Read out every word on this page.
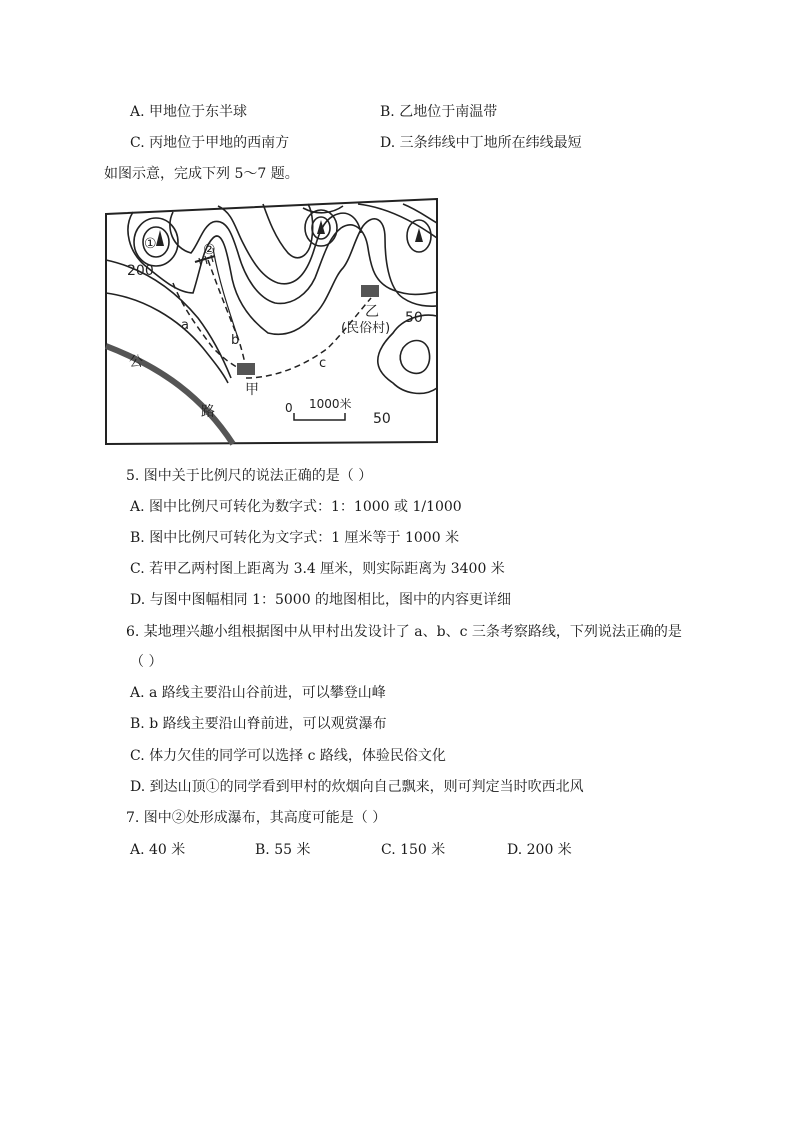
A. 甲地位于东半球	B. 乙地位于南温带
C. 丙地位于甲地的西南方	D. 三条纬线中丁地所在纬线最短
如图示意，完成下列 5～7 题。
①	②
200
50
50
a
b
c
甲
乙
(民俗村)
公
路	0 1000米
5. 图中关于比例尺的说法正确的是（ ）
A. 图中比例尺可转化为数字式：1：1000 或 1/1000
B. 图中比例尺可转化为文字式：1 厘米等于 1000 米
C. 若甲乙两村图上距离为 3.4 厘米，则实际距离为 3400 米
D. 与图中图幅相同 1：5000 的地图相比，图中的内容更详细
6. 某地理兴趣小组根据图中从甲村出发设计了 a、b、c 三条考察路线，下列说法正确的是
（ ）
A. a 路线主要沿山谷前进，可以攀登山峰
B. b 路线主要沿山脊前进，可以观赏瀑布
C. 体力欠佳的同学可以选择 c 路线，体验民俗文化
D. 到达山顶①的同学看到甲村的炊烟向自己飘来，则可判定当时吹西北风
7. 图中②处形成瀑布，其高度可能是（ ）
A. 40 米	B. 55 米	C. 150 米	D. 200 米
